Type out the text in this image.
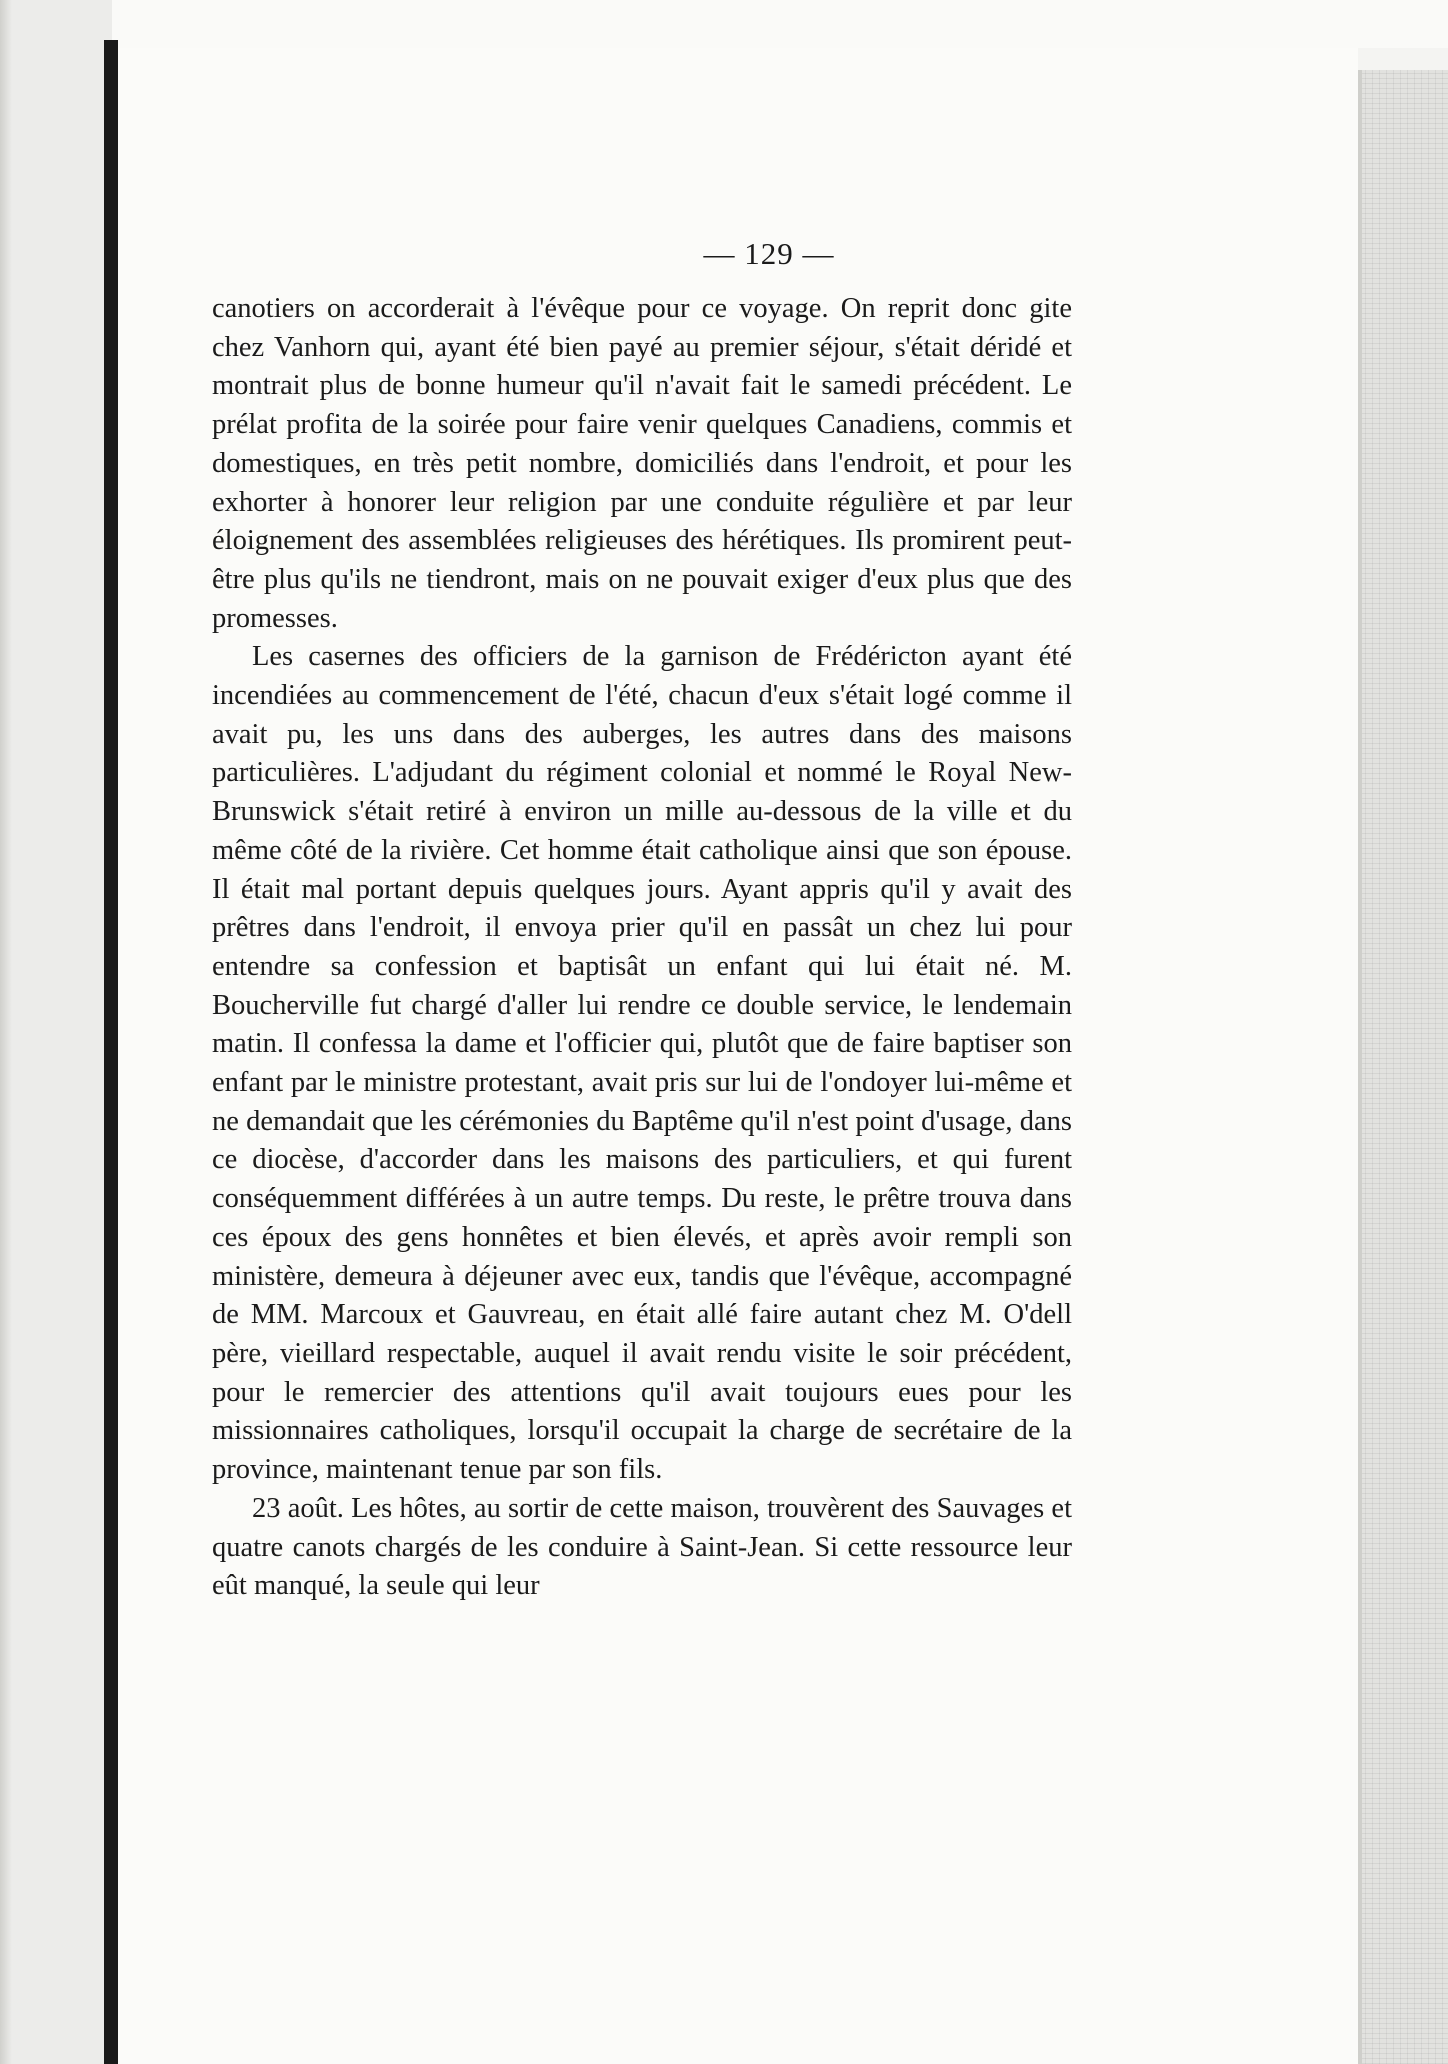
— 129 —

canotiers on accorderait à l'évêque pour ce voyage. On reprit donc gite chez Vanhorn qui, ayant été bien payé au premier séjour, s'était déridé et montrait plus de bonne humeur qu'il n'avait fait le samedi précédent. Le prélat profita de la soirée pour faire venir quelques Canadiens, commis et domestiques, en très petit nombre, domiciliés dans l'endroit, et pour les exhorter à honorer leur religion par une conduite régulière et par leur éloignement des assemblées religieuses des hérétiques. Ils promirent peut-être plus qu'ils ne tiendront, mais on ne pouvait exiger d'eux plus que des promesses.

Les casernes des officiers de la garnison de Frédéricton ayant été incendiées au commencement de l'été, chacun d'eux s'était logé comme il avait pu, les uns dans des auberges, les autres dans des maisons particulières. L'adjudant du régiment colonial et nommé le Royal New-Brunswick s'était retiré à environ un mille au-dessous de la ville et du même côté de la rivière. Cet homme était catholique ainsi que son épouse. Il était mal portant depuis quelques jours. Ayant appris qu'il y avait des prêtres dans l'endroit, il envoya prier qu'il en passât un chez lui pour entendre sa confession et baptisât un enfant qui lui était né. M. Boucherville fut chargé d'aller lui rendre ce double service, le lendemain matin. Il confessa la dame et l'officier qui, plutôt que de faire baptiser son enfant par le ministre protestant, avait pris sur lui de l'ondoyer lui-même et ne demandait que les cérémonies du Baptême qu'il n'est point d'usage, dans ce diocèse, d'accorder dans les maisons des particuliers, et qui furent conséquemment différées à un autre temps. Du reste, le prêtre trouva dans ces époux des gens honnêtes et bien élevés, et après avoir rempli son ministère, demeura à déjeuner avec eux, tandis que l'évêque, accompagné de MM. Marcoux et Gauvreau, en était allé faire autant chez M. O'dell père, vieillard respectable, auquel il avait rendu visite le soir précédent, pour le remercier des attentions qu'il avait toujours eues pour les missionnaires catholiques, lorsqu'il occupait la charge de secrétaire de la province, maintenant tenue par son fils.

23 août. Les hôtes, au sortir de cette maison, trouvèrent des Sauvages et quatre canots chargés de les conduire à Saint-Jean. Si cette ressource leur eût manqué, la seule qui leur
